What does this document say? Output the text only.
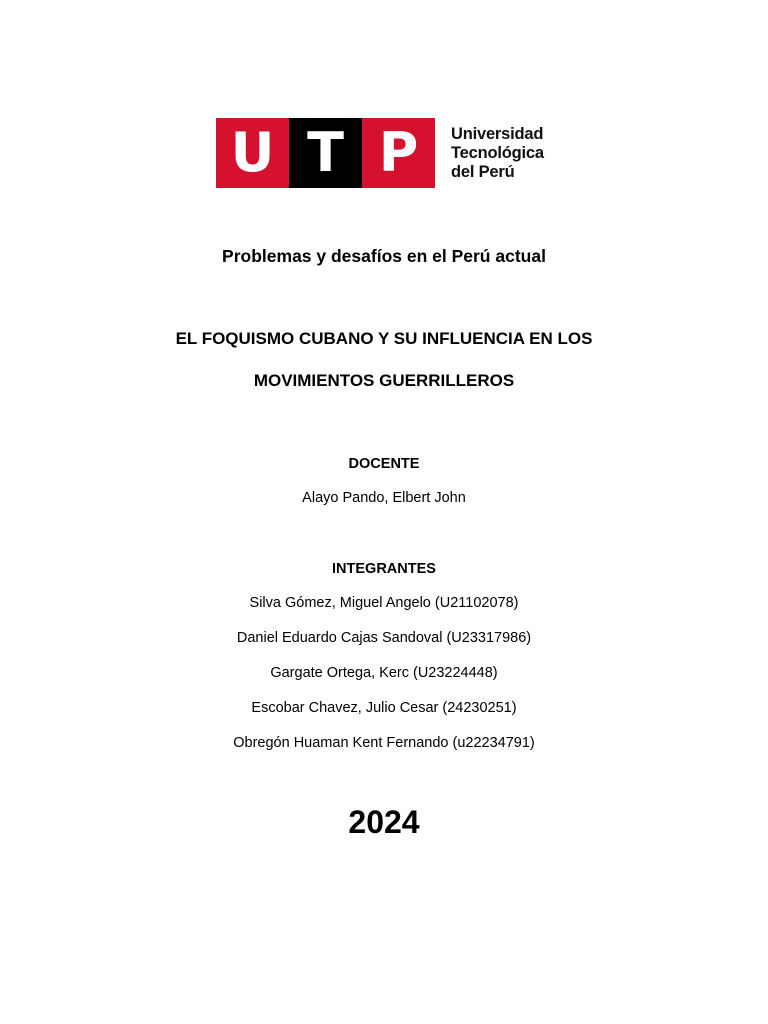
U T P	Universidad
Tecnológica
del Perú
Problemas y desafíos en el Perú actual
EL FOQUISMO CUBANO Y SU INFLUENCIA EN LOS
MOVIMIENTOS GUERRILLEROS
DOCENTE
Alayo Pando, Elbert John
INTEGRANTES
Silva Gómez, Miguel Angelo (U21102078)
Daniel Eduardo Cajas Sandoval (U23317986)
Gargate Ortega, Kerc (U23224448)
Escobar Chavez, Julio Cesar (24230251)
Obregón Huaman Kent Fernando (u22234791)
2024
